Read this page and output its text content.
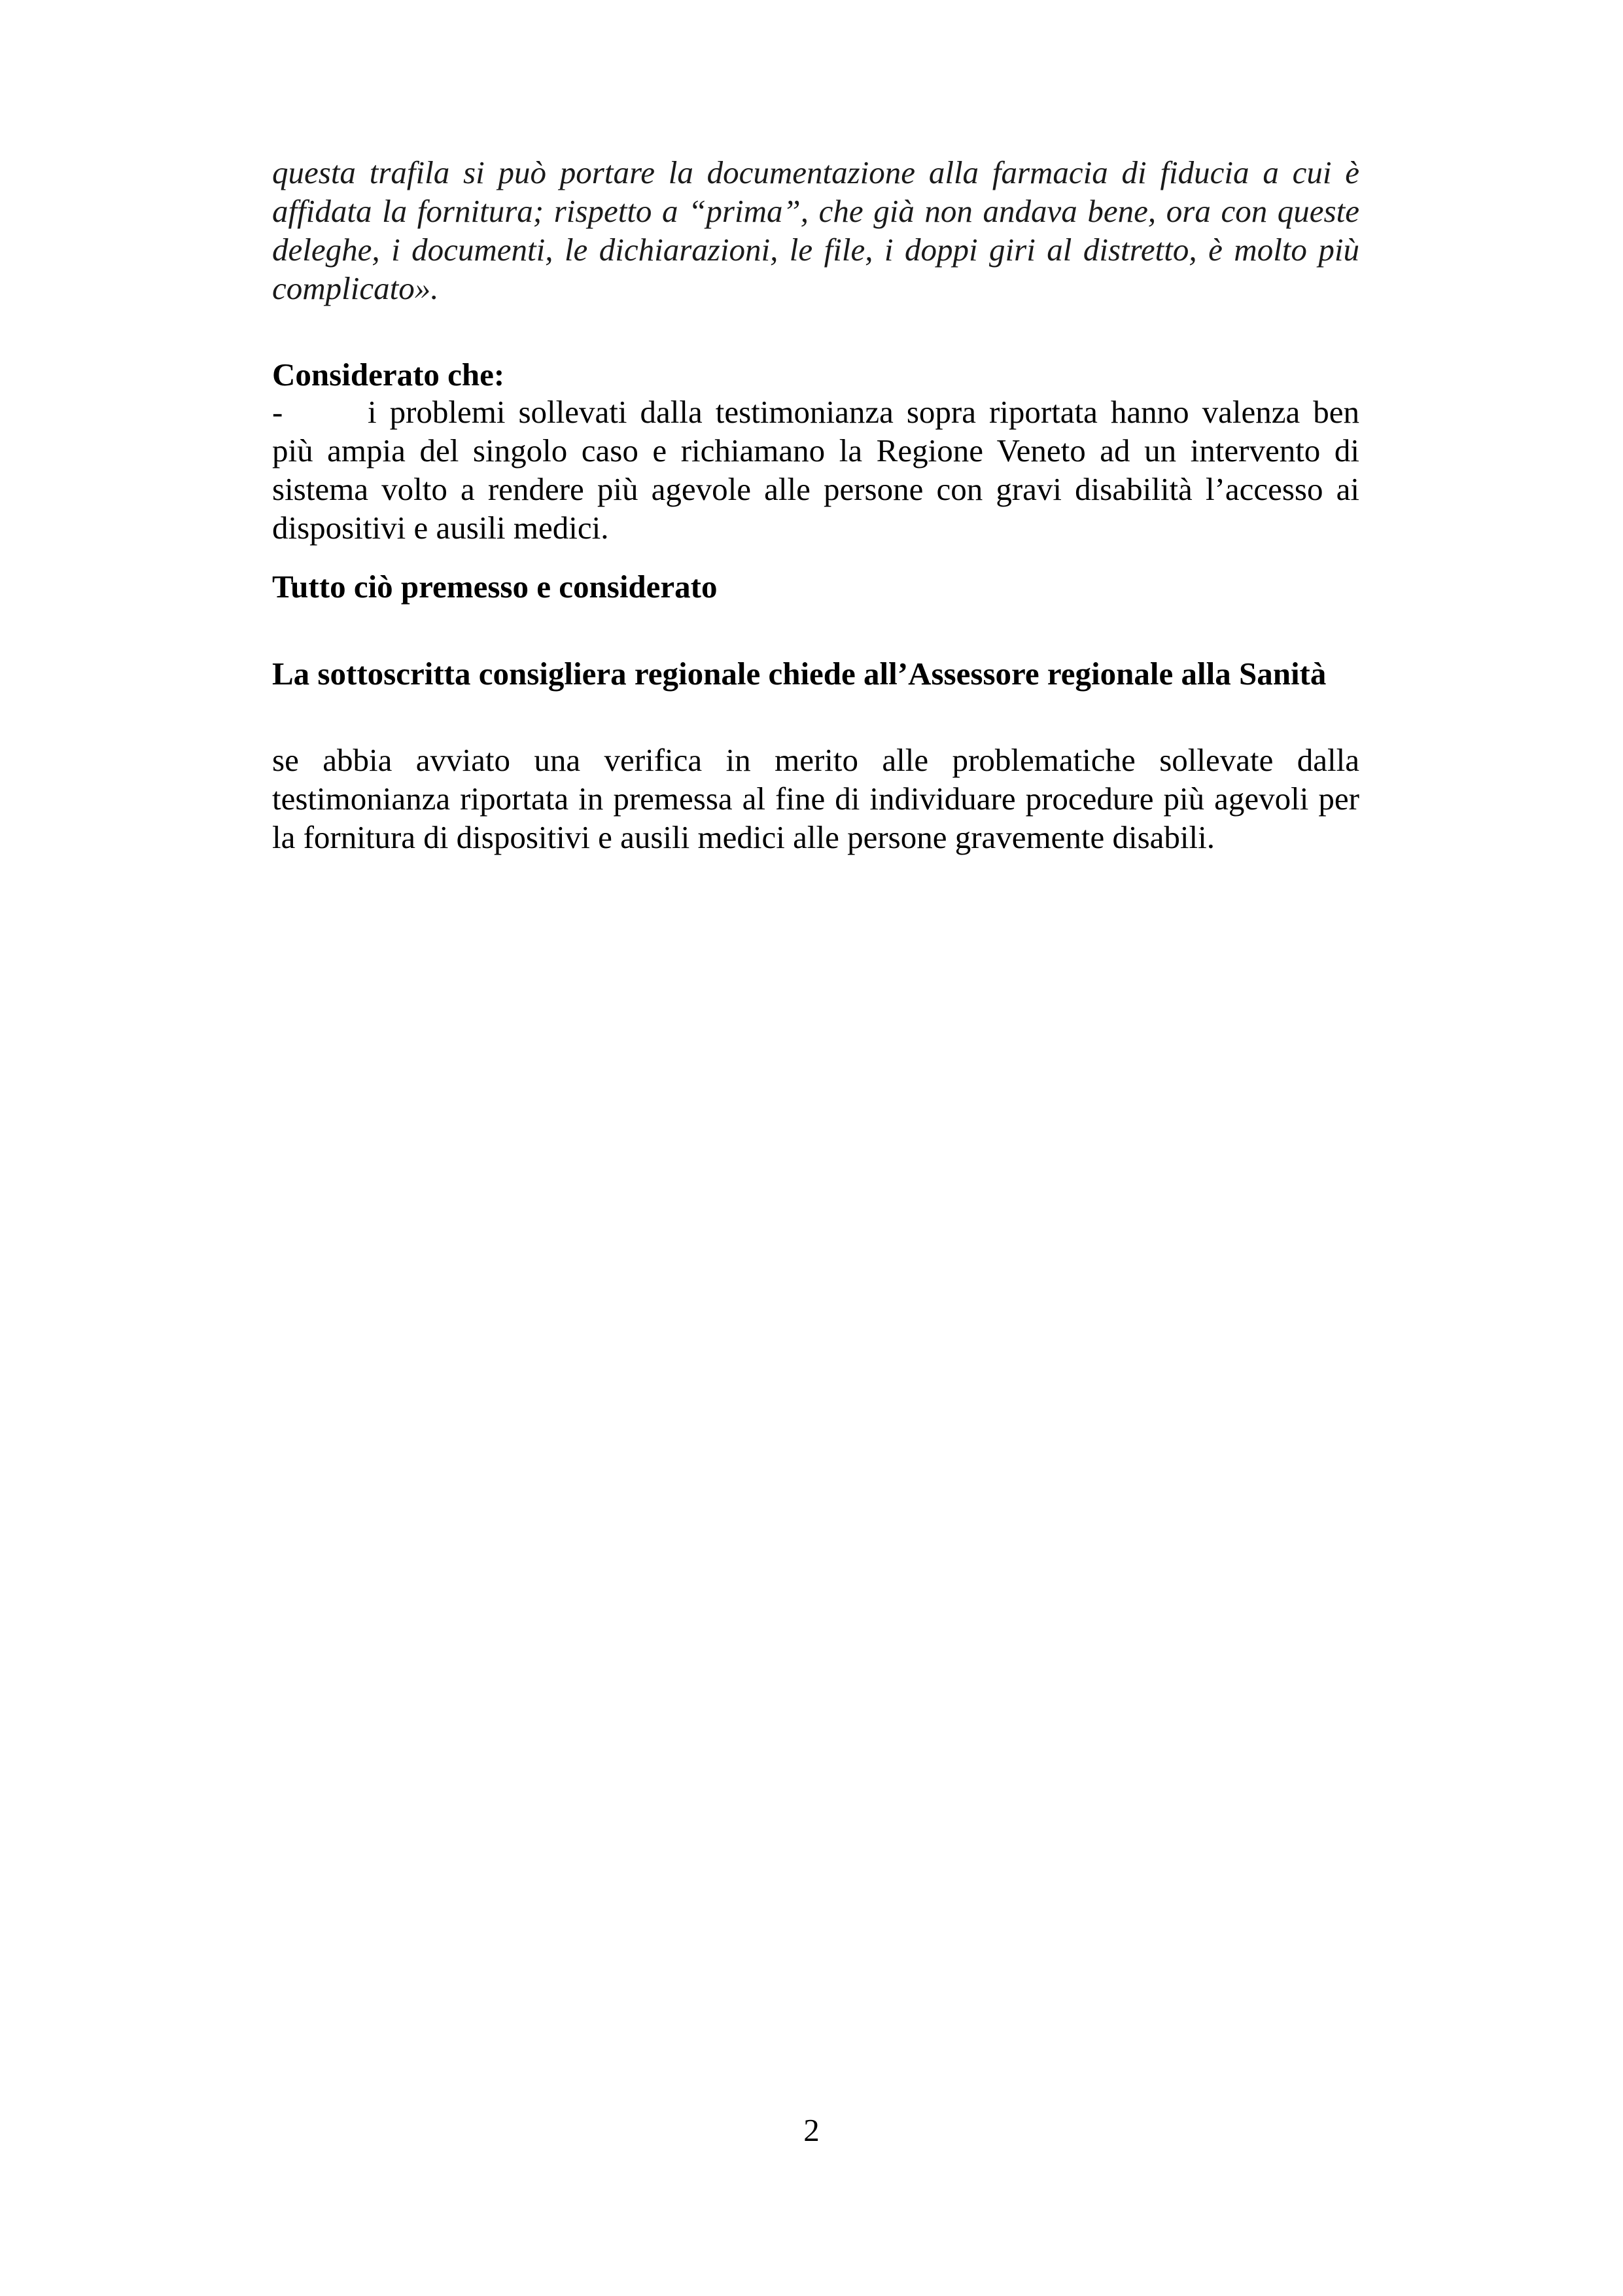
questa trafila si può portare la documentazione alla farmacia di fiducia a cui è affidata la fornitura; rispetto a “prima”, che già non andava bene, ora con queste deleghe, i documenti, le dichiarazioni, le file, i doppi giri al distretto, è molto più complicato».
Considerato che:
-	i problemi sollevati dalla testimonianza sopra riportata hanno valenza ben più ampia del singolo caso e richiamano la Regione Veneto ad un intervento di sistema volto a rendere più agevole alle persone con gravi disabilità l’accesso ai dispositivi e ausili medici.
Tutto ciò premesso e considerato
La sottoscritta consigliera regionale chiede all’Assessore regionale alla Sanità
se abbia avviato una verifica in merito alle problematiche sollevate dalla testimonianza riportata in premessa al fine di individuare procedure più agevoli per la fornitura di dispositivi e ausili medici alle persone gravemente disabili.
2
